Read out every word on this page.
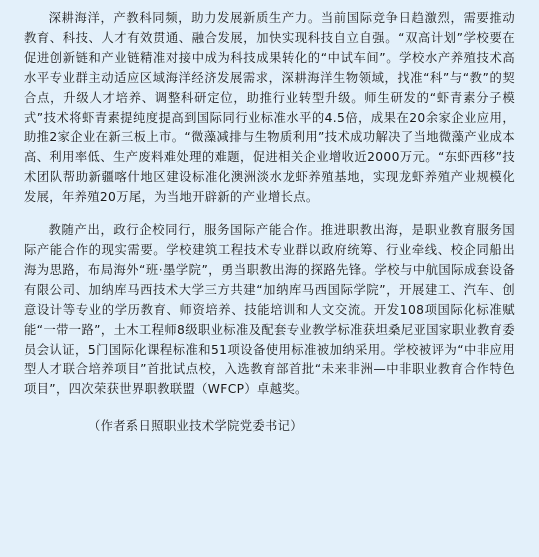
深耕海洋，产教科同频，助力发展新质生产力。当前国际竞争日趋激烈，需要推动教育、科技、人才有效贯通、融合发展，加快实现科技自立自强。“双高计划”学校要在促进创新链和产业链精准对接中成为科技成果转化的“中试车间”。学校水产养殖技术高水平专业群主动适应区域海洋经济发展需求，深耕海洋生物领域，找准“科”与“教”的契合点，升级人才培养、调整科研定位，助推行业转型升级。师生研发的“虾青素分子模式”技术将虾青素提纯度提高到国际同行业标准水平的4.5倍，成果在20余家企业应用，助推2家企业在新三板上市。“微藻减排与生物质利用”技术成功解决了当地微藻产业成本高、利用率低、生产废料难处理的难题，促进相关企业增收近2000万元。“东虾西移”技术团队帮助新疆喀什地区建设标准化澳洲淡水龙虾养殖基地，实现龙虾养殖产业规模化发展，年养殖20万尾，为当地开辟新的产业增长点。

教随产出，政行企校同行，服务国际产能合作。推进职教出海，是职业教育服务国际产能合作的现实需要。学校建筑工程技术专业群以政府统筹、行业牵线、校企同船出海为思路，布局海外“班·墨学院”，勇当职教出海的探路先锋。学校与中航国际成套设备有限公司、加纳库马西技术大学三方共建“加纳库马西国际学院”，开展建工、汽车、创意设计等专业的学历教育、师资培养、技能培训和人文交流。开发108项国际化标准赋能“一带一路”，土木工程师8级职业标准及配套专业教学标准获坦桑尼亚国家职业教育委员会认证，5门国际化课程标准和51项设备使用标准被加纳采用。学校被评为“中非应用型人才联合培养项目”首批试点校，入选教育部首批“未来非洲—中非职业教育合作特色项目”，四次荣获世界职教联盟（WFCP）卓越奖。

（作者系日照职业技术学院党委书记）
